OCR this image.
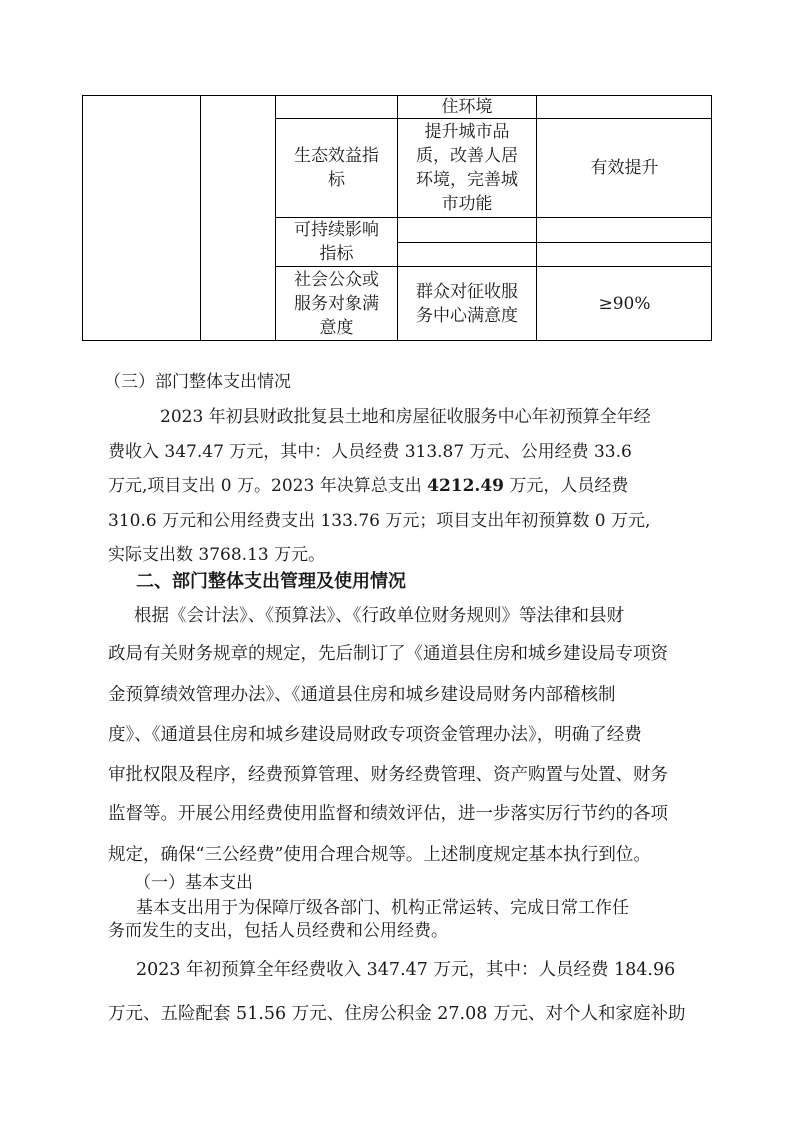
住环境
生态效益指
标
提升城市品
质，改善人居
环境，完善城
市功能
有效提升
可持续影响
指标
社会公众或
服务对象满
意度
群众对征收服
务中心满意度
≥90%
（三）部门整体支出情况
2023 年初县财政批复县土地和房屋征收服务中心年初预算全年经
费收入 347.47 万元，其中：人员经费 313.87 万元、公用经费 33.6
万元,项目支出 0 万。2023 年决算总支出 4212.49 万元，人员经费
310.6 万元和公用经费支出 133.76 万元；项目支出年初预算数 0 万元,
实际支出数 3768.13 万元。
二、部门整体支出管理及使用情况
根据《会计法》、《预算法》、《行政单位财务规则》等法律和县财
政局有关财务规章的规定，先后制订了《通道县住房和城乡建设局专项资
金预算绩效管理办法》、《通道县住房和城乡建设局财务内部稽核制
度》、《通道县住房和城乡建设局财政专项资金管理办法》，明确了经费
审批权限及程序，经费预算管理、财务经费管理、资产购置与处置、财务
监督等。开展公用经费使用监督和绩效评估，进一步落实厉行节约的各项
规定，确保“三公经费”使用合理合规等。上述制度规定基本执行到位。
（一）基本支出
基本支出用于为保障厅级各部门、机构正常运转、完成日常工作任
务而发生的支出，包括人员经费和公用经费。
2023 年初预算全年经费收入 347.47 万元，其中：人员经费 184.96
万元、五险配套 51.56 万元、住房公积金 27.08 万元、对个人和家庭补助
